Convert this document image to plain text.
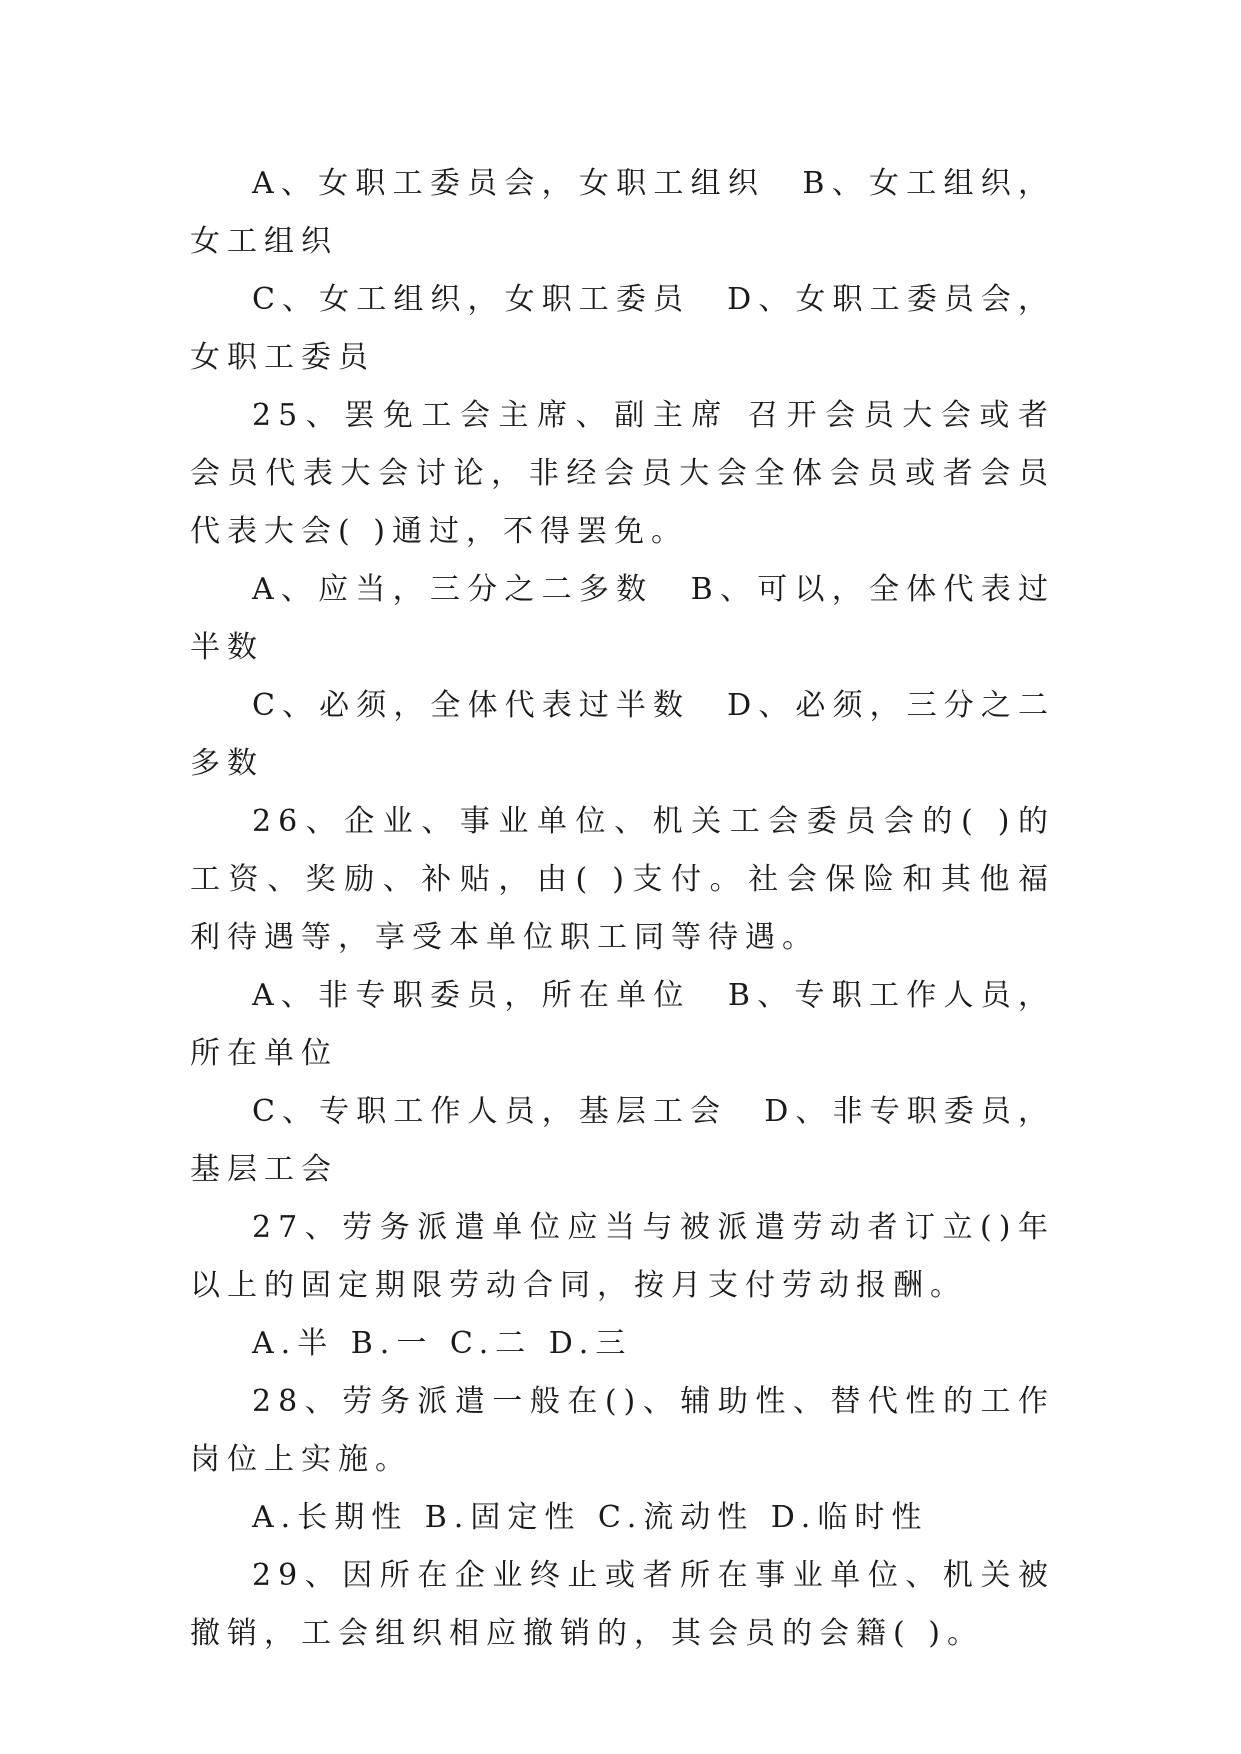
A、女职工委员会，女职工组织　B、女工组织，女工组织

C、女工组织，女职工委员　D、女职工委员会，女职工委员

25、罢免工会主席、副主席 召开会员大会或者会员代表大会讨论，非经会员大会全体会员或者会员代表大会( )通过，不得罢免。

A、应当，三分之二多数　B、可以，全体代表过半数

C、必须，全体代表过半数　D、必须，三分之二多数

26、企业、事业单位、机关工会委员会的( )的工资、奖励、补贴，由( )支付。社会保险和其他福利待遇等，享受本单位职工同等待遇。

A、非专职委员，所在单位　B、专职工作人员，所在单位

C、专职工作人员，基层工会　D、非专职委员，基层工会

27、劳务派遣单位应当与被派遣劳动者订立()年以上的固定期限劳动合同，按月支付劳动报酬。

A.半 B.一 C.二 D.三

28、劳务派遣一般在()、辅助性、替代性的工作岗位上实施。

A.长期性 B.固定性 C.流动性 D.临时性

29、因所在企业终止或者所在事业单位、机关被撤销，工会组织相应撤销的，其会员的会籍( )。
